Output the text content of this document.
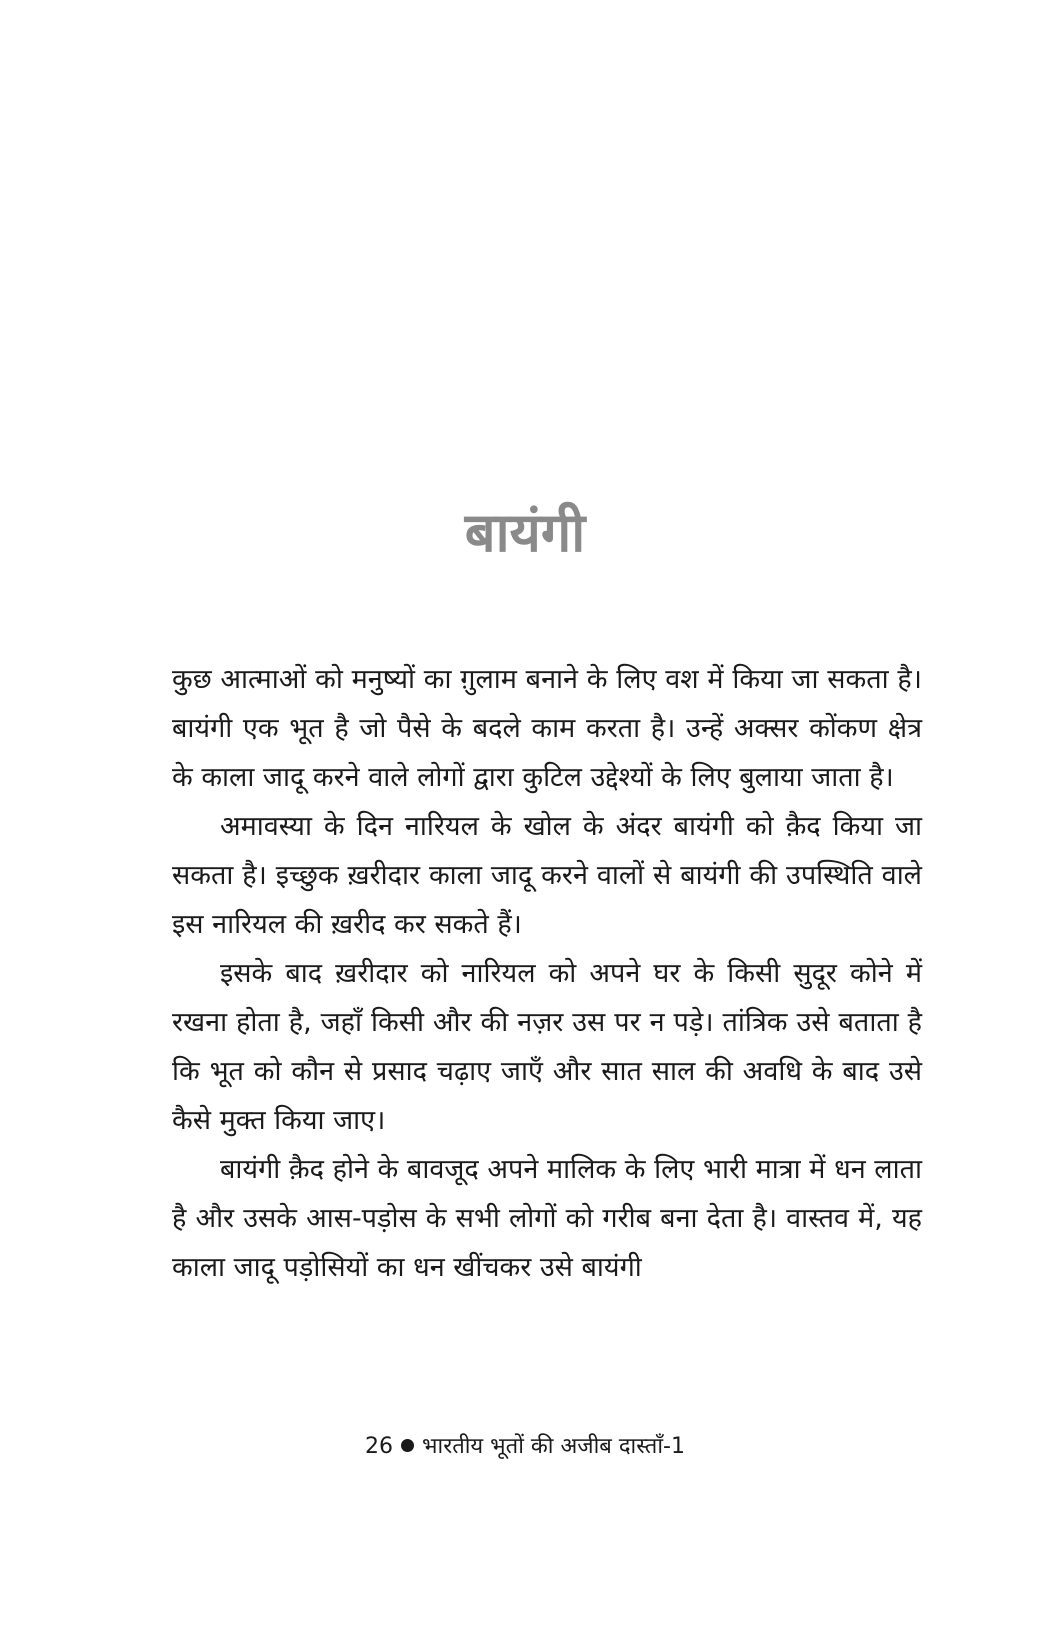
बायंगी

कुछ आत्माओं को मनुष्यों का ग़ुलाम बनाने के लिए वश में किया जा सकता है। बायंगी एक भूत है जो पैसे के बदले काम करता है। उन्हें अक्सर कोंकण क्षेत्र के काला जादू करने वाले लोगों द्वारा कुटिल उद्देश्यों के लिए बुलाया जाता है।

अमावस्या के दिन नारियल के खोल के अंदर बायंगी को क़ैद किया जा सकता है। इच्छुक ख़रीदार काला जादू करने वालों से बायंगी की उपस्थिति वाले इस नारियल की ख़रीद कर सकते हैं।

इसके बाद ख़रीदार को नारियल को अपने घर के किसी सुदूर कोने में रखना होता है, जहाँ किसी और की नज़र उस पर न पड़े। तांत्रिक उसे बताता है कि भूत को कौन से प्रसाद चढ़ाए जाएँ और सात साल की अवधि के बाद उसे कैसे मुक्त किया जाए।

बायंगी क़ैद होने के बावजूद अपने मालिक के लिए भारी मात्रा में धन लाता है और उसके आस-पड़ोस के सभी लोगों को गरीब बना देता है। वास्तव में, यह काला जादू पड़ोसियों का धन खींचकर उसे बायंगी

26 भारतीय भूतों की अजीब दास्ताँ-1
